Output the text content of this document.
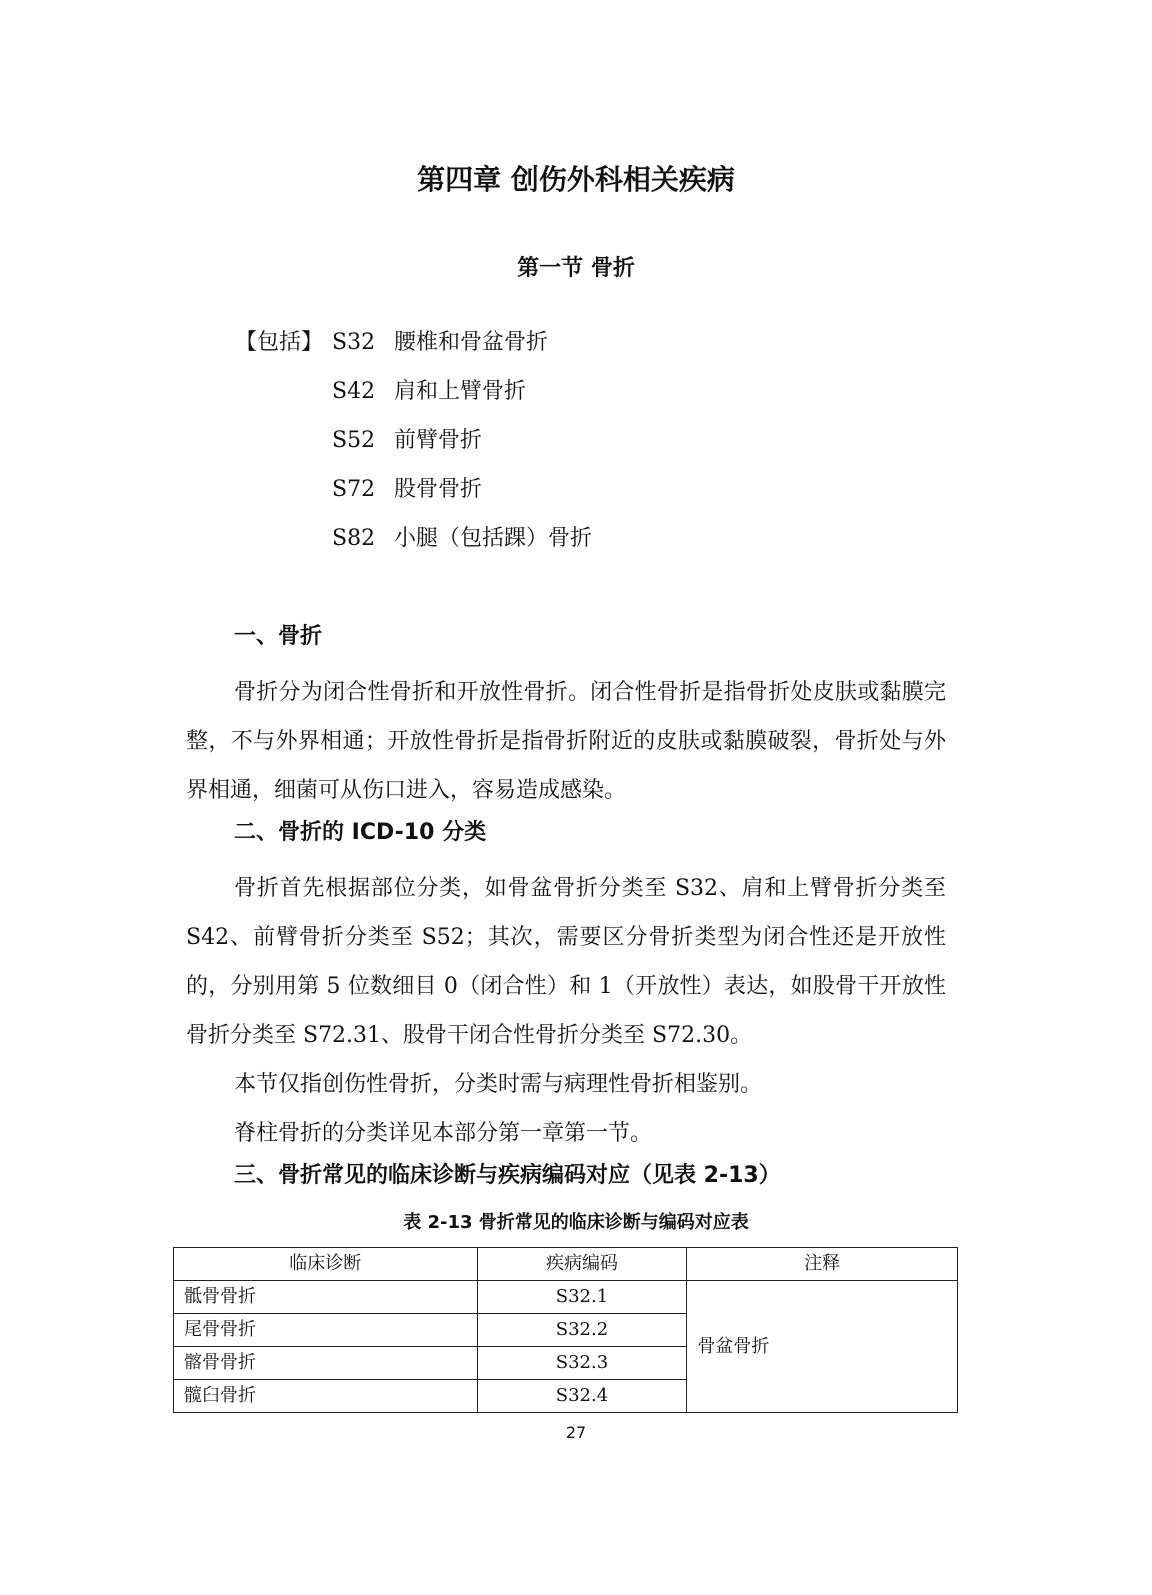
第四章 创伤外科相关疾病
第一节 骨折
【包括】 S32 腰椎和骨盆骨折
S42 肩和上臂骨折
S52 前臂骨折
S72 股骨骨折
S82 小腿（包括踝）骨折
一、骨折

骨折分为闭合性骨折和开放性骨折。闭合性骨折是指骨折处皮肤或黏膜完整，不与外界相通；开放性骨折是指骨折附近的皮肤或黏膜破裂，骨折处与外界相通，细菌可从伤口进入，容易造成感染。

二、骨折的 ICD-10 分类

骨折首先根据部位分类，如骨盆骨折分类至 S32、肩和上臂骨折分类至 S42、前臂骨折分类至 S52；其次，需要区分骨折类型为闭合性还是开放性的，分别用第 5 位数细目 0（闭合性）和 1（开放性）表达，如股骨干开放性骨折分类至 S72.31、股骨干闭合性骨折分类至 S72.30。

本节仅指创伤性骨折，分类时需与病理性骨折相鉴别。

脊柱骨折的分类详见本部分第一章第一节。

三、骨折常见的临床诊断与疾病编码对应（见表 2-13）
表 2-13 骨折常见的临床诊断与编码对应表
临床诊断	疾病编码	注释
骶骨骨折	S32.1	骨盆骨折
尾骨骨折	S32.2	
髂骨骨折	S32.3	
髋臼骨折	S32.4	
27
